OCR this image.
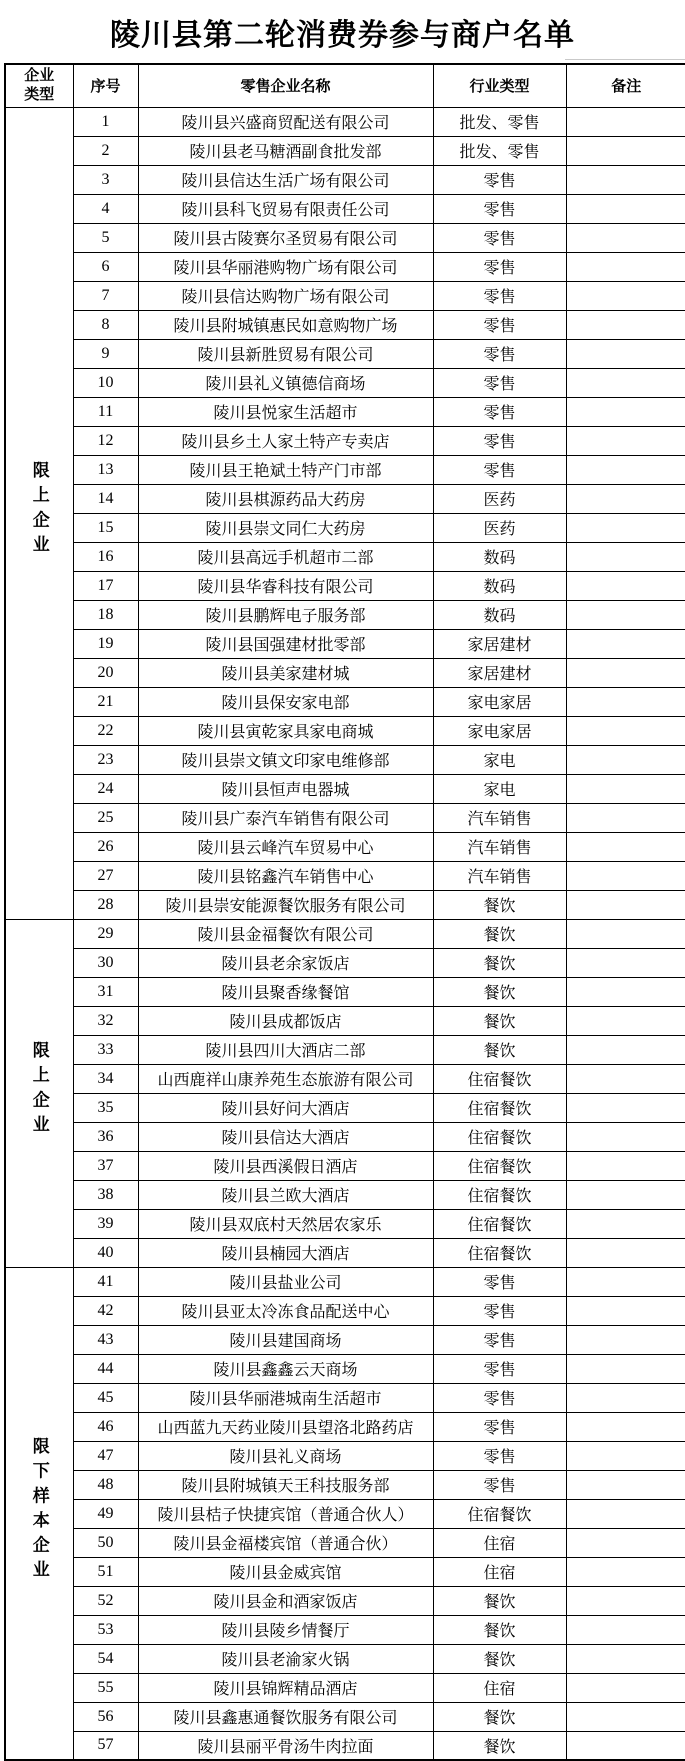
陵川县第二轮消费券参与商户名单
企业类型	序号	零售企业名称	行业类型	备注
限上企业	1	陵川县兴盛商贸配送有限公司	批发、零售	
	2	陵川县老马糖酒副食批发部	批发、零售	
	3	陵川县信达生活广场有限公司	零售	
	4	陵川县科飞贸易有限责任公司	零售	
	5	陵川县古陵赛尔圣贸易有限公司	零售	
	6	陵川县华丽港购物广场有限公司	零售	
	7	陵川县信达购物广场有限公司	零售	
	8	陵川县附城镇惠民如意购物广场	零售	
	9	陵川县新胜贸易有限公司	零售	
	10	陵川县礼义镇德信商场	零售	
	11	陵川县悦家生活超市	零售	
	12	陵川县乡土人家土特产专卖店	零售	
	13	陵川县王艳斌土特产门市部	零售	
	14	陵川县棋源药品大药房	医药	
	15	陵川县崇文同仁大药房	医药	
	16	陵川县高远手机超市二部	数码	
	17	陵川县华睿科技有限公司	数码	
	18	陵川县鹏辉电子服务部	数码	
	19	陵川县国强建材批零部	家居建材	
	20	陵川县美家建材城	家居建材	
	21	陵川县保安家电部	家电家居	
	22	陵川县寅乾家具家电商城	家电家居	
	23	陵川县崇文镇文印家电维修部	家电	
	24	陵川县恒声电器城	家电	
	25	陵川县广泰汽车销售有限公司	汽车销售	
	26	陵川县云峰汽车贸易中心	汽车销售	
	27	陵川县铭鑫汽车销售中心	汽车销售	
	28	陵川县崇安能源餐饮服务有限公司	餐饮	
限上企业	29	陵川县金福餐饮有限公司	餐饮	
	30	陵川县老余家饭店	餐饮	
	31	陵川县聚香缘餐馆	餐饮	
	32	陵川县成都饭店	餐饮	
	33	陵川县四川大酒店二部	餐饮	
	34	山西鹿祥山康养苑生态旅游有限公司	住宿餐饮	
	35	陵川县好问大酒店	住宿餐饮	
	36	陵川县信达大酒店	住宿餐饮	
	37	陵川县西溪假日酒店	住宿餐饮	
	38	陵川县兰欧大酒店	住宿餐饮	
	39	陵川县双底村天然居农家乐	住宿餐饮	
	40	陵川县楠园大酒店	住宿餐饮	
限下样本企业	41	陵川县盐业公司	零售	
	42	陵川县亚太冷冻食品配送中心	零售	
	43	陵川县建国商场	零售	
	44	陵川县鑫鑫云天商场	零售	
	45	陵川县华丽港城南生活超市	零售	
	46	山西蓝九天药业陵川县望洛北路药店	零售	
	47	陵川县礼义商场	零售	
	48	陵川县附城镇天王科技服务部	零售	
	49	陵川县桔子快捷宾馆（普通合伙人）	住宿餐饮	
	50	陵川县金福楼宾馆（普通合伙）	住宿	
	51	陵川县金威宾馆	住宿	
	52	陵川县金和酒家饭店	餐饮	
	53	陵川县陵乡情餐厅	餐饮	
	54	陵川县老渝家火锅	餐饮	
	55	陵川县锦辉精品酒店	住宿	
	56	陵川县鑫惠通餐饮服务有限公司	餐饮	
	57	陵川县丽平骨汤牛肉拉面	餐饮	
